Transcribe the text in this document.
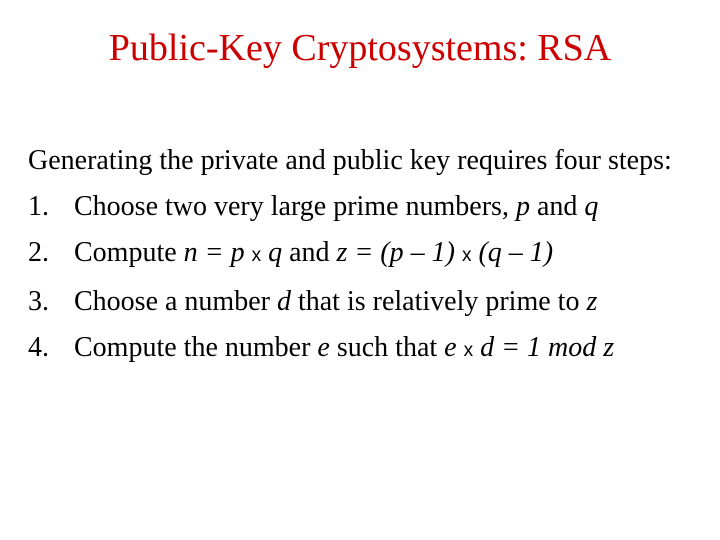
Public-Key Cryptosystems: RSA

Generating the private and public key requires four steps:

1. Choose two very large prime numbers, p and q
2. Compute n = p x q and z = (p – 1) x (q – 1)
3. Choose a number d that is relatively prime to z
4. Compute the number e such that e x d = 1 mod z
